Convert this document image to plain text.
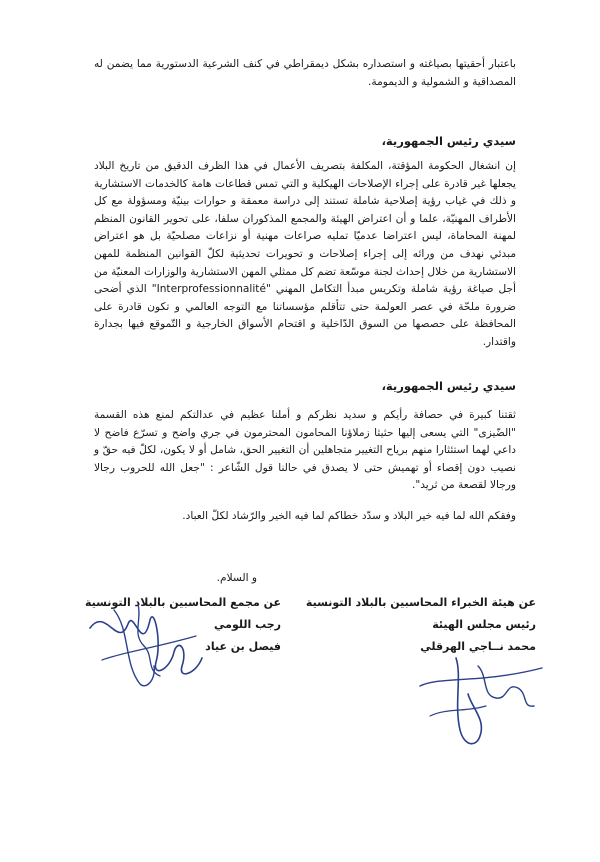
باعتبار أحقيتها بصياغته و استصداره بشكل ديمقراطي في كنف الشرعية الدستورية مما يضمن له المصداقية و الشمولية و الديمومة.
سيدي رئيس الجمهورية،
إن انشغال الحكومة المؤقتة، المكلفة بتصريف الأعمال في هذا الظرف الدقيق من تاريخ البلاد يجعلها غير قادرة على إجراء الإصلاحات الهيكلية و التي تمس قطاعات هامة كالخدمات الاستشارية و ذلك في غياب رؤية إصلاحية شاملة تستند إلى دراسة معمقة و حوارات بينيّة ومسؤولة مع كل الأطراف المهنيّة، علما و أن اعتراض الهيئة والمجمع المذكوران سلفا، على تحوير القانون المنظم لمهنة المحاماة، ليس اعتراضا عدميّا تمليه صراعات مهنية أو نزاعات مصلحيّة بل هو اعتراض مبدئي نهدف من ورائه إلى إجراء إصلاحات و تحويرات تحديثية لكلّ القوانين المنظمة للمهن الاستشارية من خلال إحداث لجنة موسّعة تضم كل ممثلي المهن الاستشارية والوزارات المعنيّة من أجل صياغة رؤية شاملة وتكريس مبدأ التكامل المهني "Interprofessionnalité" الذي أضحى ضرورة ملحّة في عصر العولمة حتى تتأقلم مؤسساتنا مع التوجه العالمي و تكون قادرة على المحافظة على حصصها من السوق الدّاخلية و اقتحام الأسواق الخارجية و التّموقع فيها بجدارة واقتدار.
سيدي رئيس الجمهورية،
ثقتنا كبيرة في حصافة رأيكم و سديد نظركم و أملنا عظيم في عدالتكم لمنع هذه القسمة "الضّيزى" التي يسعى إليها حثيثا زملاؤنا المحامون المحترمون في جري واضح و تسرّع فاضح لا داعي لهما استئثارا منهم برياح التغيير متجاهلين أن التغيير الحق، شامل أو لا يكون، لكلّ فيه حقّ و نصيب دون إقصاء أو تهميش حتى لا يصدق في حالنا قول الشّاعر : "جعل الله للحروب رجالا ورجالا لقصعة من ثريد".
وفقكم الله لما فيه خير البلاد و سدّد خطاكم لما فيه الخير والرّشاد لكلّ العباد.
و السلام.
عن هيئة الخبراء المحاسبين بالبلاد التونسية
رئيس مجلس الهيئة
محمد نــاجي الهرقلي
عن مجمع المحاسبين بالبلاد التونسية
رجب اللومي
فيصل بن عياد
